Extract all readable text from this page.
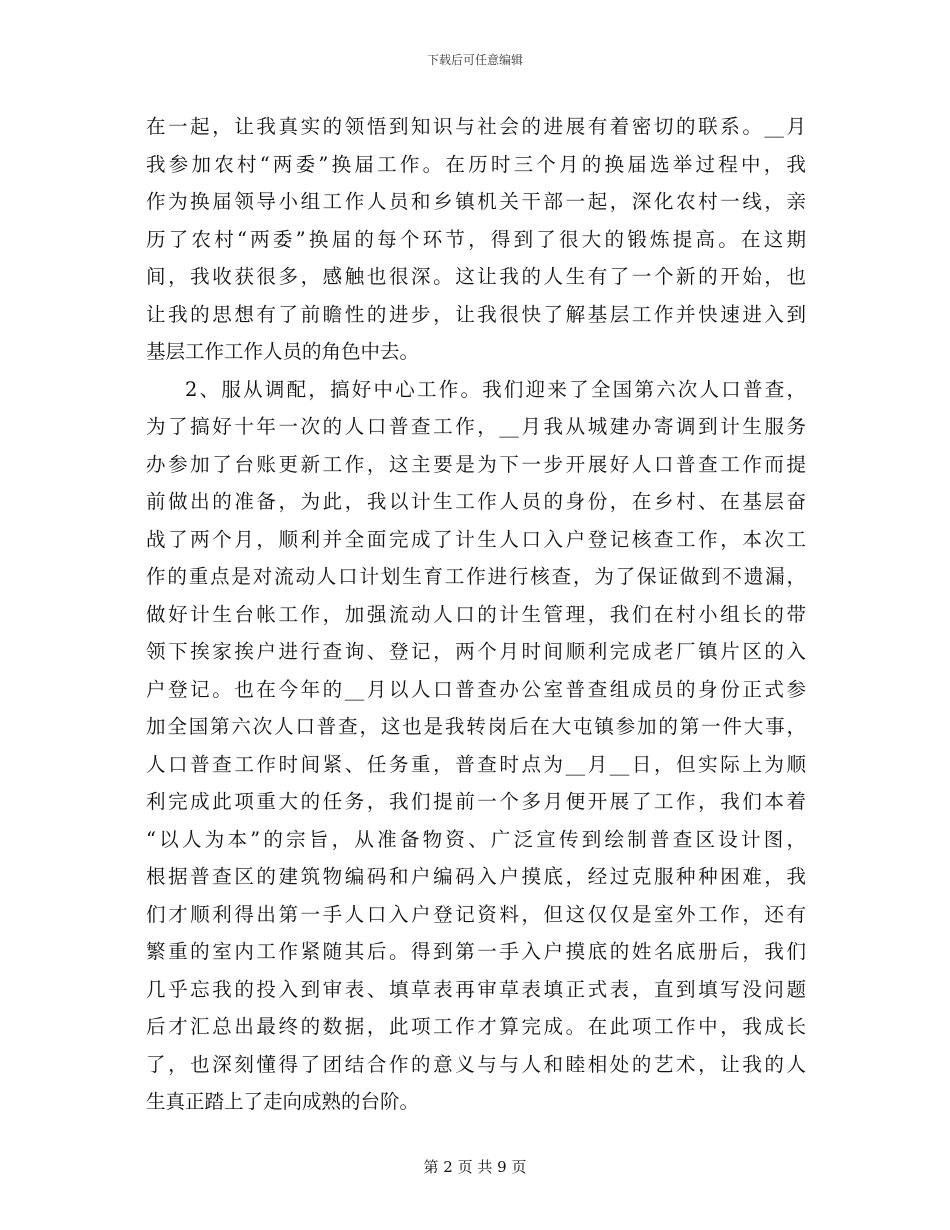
下载后可任意编辑
在一起，让我真实的领悟到知识与社会的进展有着密切的联系。__月
我参加农村“两委”换届工作。在历时三个月的换届选举过程中，我
作为换届领导小组工作人员和乡镇机关干部一起，深化农村一线，亲
历了农村“两委”换届的每个环节，得到了很大的锻炼提高。在这期
间，我收获很多，感触也很深。这让我的人生有了一个新的开始，也
让我的思想有了前瞻性的进步，让我很快了解基层工作并快速进入到
基层工作工作人员的角色中去。
2、服从调配，搞好中心工作。我们迎来了全国第六次人口普查，
为了搞好十年一次的人口普查工作，__月我从城建办寄调到计生服务
办参加了台账更新工作，这主要是为下一步开展好人口普查工作而提
前做出的准备，为此，我以计生工作人员的身份，在乡村、在基层奋
战了两个月，顺利并全面完成了计生人口入户登记核查工作，本次工
作的重点是对流动人口计划生育工作进行核查，为了保证做到不遗漏，
做好计生台帐工作，加强流动人口的计生管理，我们在村小组长的带
领下挨家挨户进行查询、登记，两个月时间顺利完成老厂镇片区的入
户登记。也在今年的__月以人口普查办公室普查组成员的身份正式参
加全国第六次人口普查，这也是我转岗后在大屯镇参加的第一件大事，
人口普查工作时间紧、任务重，普查时点为__月__日，但实际上为顺
利完成此项重大的任务，我们提前一个多月便开展了工作，我们本着
“以人为本”的宗旨，从准备物资、广泛宣传到绘制普查区设计图，
根据普查区的建筑物编码和户编码入户摸底，经过克服种种困难，我
们才顺利得出第一手人口入户登记资料，但这仅仅是室外工作，还有
繁重的室内工作紧随其后。得到第一手入户摸底的姓名底册后，我们
几乎忘我的投入到审表、填草表再审草表填正式表，直到填写没问题
后才汇总出最终的数据，此项工作才算完成。在此项工作中，我成长
了，也深刻懂得了团结合作的意义与与人和睦相处的艺术，让我的人
生真正踏上了走向成熟的台阶。
第 2 页 共 9 页
